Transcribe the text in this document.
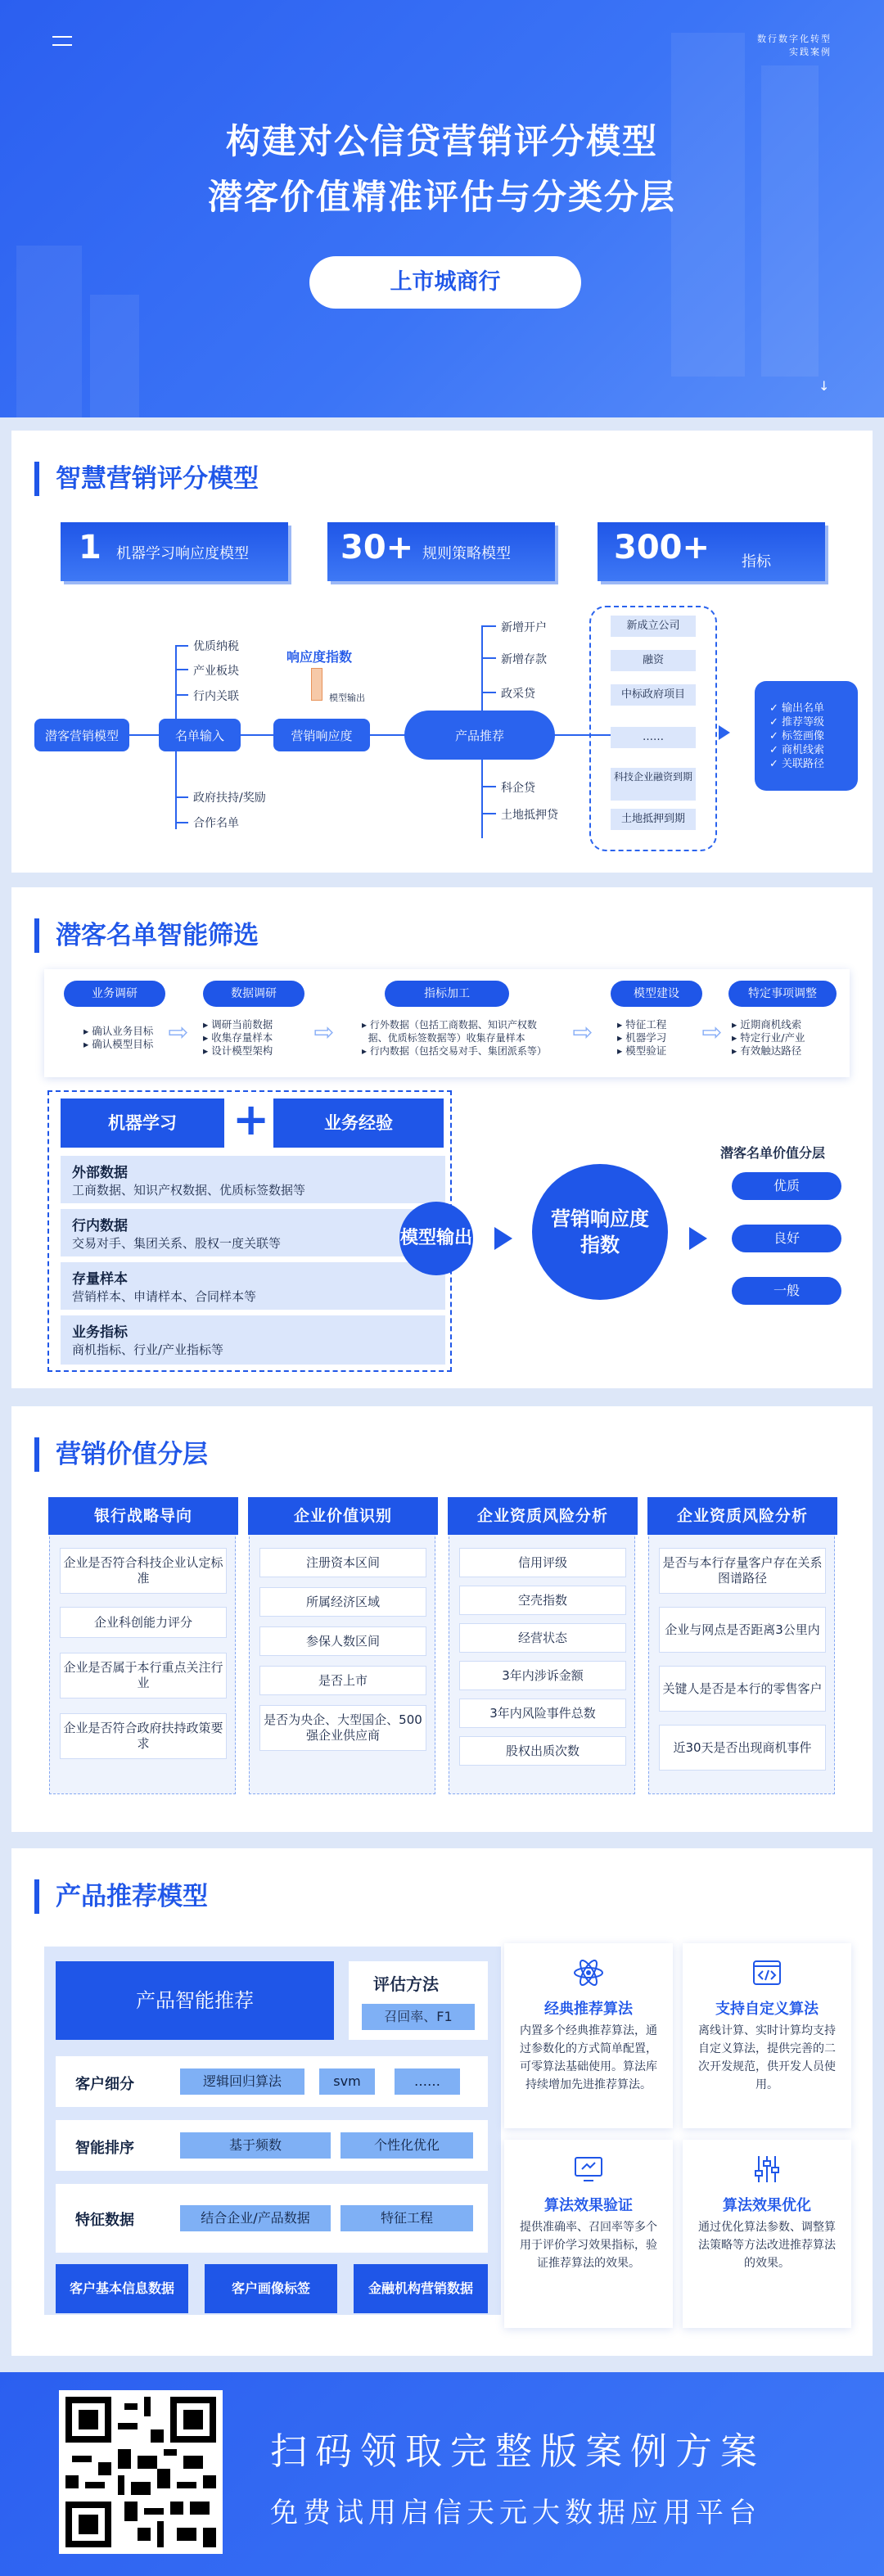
数行数字化转型
实践案例
构建对公信贷营销评分模型
潜客价值精准评估与分类分层
上市城商行
↓
智慧营销评分模型
1 机器学习响应度模型	30+ 规则策略模型	300+ 指标
潜客营销模型	名单输入
优质纳税
产业板块
行内关联
政府扶持/奖励
合作名单
营销响应度
响应度指数
模型输出
产品推荐
新增开户
新增存款
政采贷
科企贷
土地抵押贷
新成立公司
融资
中标政府项目
……
科技企业融资到期
土地抵押到期
✓ 输出名单
✓ 推荐等级
✓ 标签画像
✓ 商机线索
✓ 关联路径
潜客名单智能筛选
业务调研
▸ 确认业务目标
▸ 确认模型目标 ⇨
数据调研
▸ 调研当前数据
▸ 收集存量样本
▸ 设计模型架构
⇨
指标加工
▸ 行外数据（包括工商数据、知识产权数
据、优质标签数据等）收集存量样本
▸ 行内数据（包括交易对手、集团派系等）
⇨
模型建设
▸ 特征工程
▸ 机器学习
▸ 模型验证
⇨
特定事项调整
▸ 近期商机线索
▸ 特定行业/产业
▸ 有效触达路径
机器学习	+	业务经验
外部数据
工商数据、知识产权数据、优质标签数据等
行内数据
交易对手、集团关系、股权一度关联等
存量样本
营销样本、申请样本、合同样本等
业务指标
商机指标、行业/产业指标等
模型输出
营销响应度指数
潜客名单价值分层
优质
良好
一般
营销价值分层
银行战略导向
企业是否符合科技企业认定标准
企业科创能力评分
企业是否属于本行重点关注行业
企业是否符合政府扶持政策要求
企业价值识别
注册资本区间
所属经济区域
参保人数区间
是否上市
是否为央企、大型国企、500强企业供应商
企业资质风险分析
信用评级
空壳指数
经营状态
3年内涉诉金额
3年内风险事件总数
股权出质次数
企业资质风险分析
是否与本行存量客户存在关系图谱路径
企业与网点是否距离3公里内
关键人是否是本行的零售客户
近30天是否出现商机事件
产品推荐模型
产品智能推荐
评估方法
召回率、F1
客户细分	逻辑回归算法	svm	……
智能排序	基于频数	个性化优化
特征数据	结合企业/产品数据	特征工程
客户基本信息数据	客户画像标签	金融机构营销数据
经典推荐算法

内置多个经典推荐算法，通过参数化的方式简单配置，可零算法基础使用。算法库持续增加先进推荐算法。

支持自定义算法

离线计算、实时计算均支持自定义算法，提供完善的二次开发规范，供开发人员使用。

算法效果验证

提供准确率、召回率等多个用于评价学习效果指标，验证推荐算法的效果。

算法效果优化

通过优化算法参数、调整算法策略等方法改进推荐算法的效果。

扫码领取完整版案例方案
免费试用启信天元大数据应用平台
